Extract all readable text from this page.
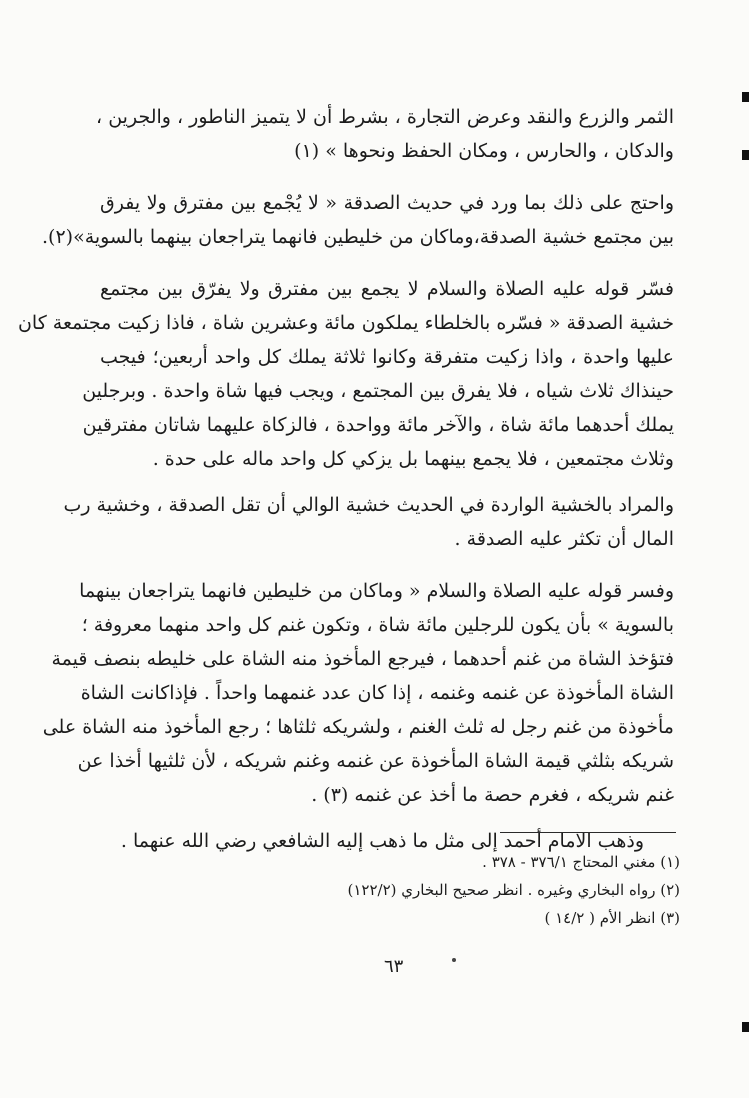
الثمر والزرع والنقد وعرض التجارة ، بشرط أن لا يتميز الناطور ، والجرين ،
والدكان ، والحارس ، ومكان الحفظ ونحوها » (١)
واحتج على ذلك بما ورد في حديث الصدقة « لا يُجْمع بين مفترق ولا يفرق
بين مجتمع خشية الصدقة،وماكان من خليطين فانهما يتراجعان بينهما بالسوية»(٢).
فسّر قوله عليه الصلاة والسلام لا يجمع بين مفترق ولا يفرّق بين مجتمع
خشية الصدقة « فسّره بالخلطاء يملكون مائة وعشرين شاة ، فاذا زكيت مجتمعة كان
عليها واحدة ، واذا زكيت متفرقة وكانوا ثلاثة يملك كل واحد أربعين؛ فيجب
حينذاك ثلاث شياه ، فلا يفرق بين المجتمع ، ويجب فيها شاة واحدة . وبرجلين
يملك أحدهما مائة شاة ، والآخر مائة وواحدة ، فالزكاة عليهما شاتان مفترقين
وثلاث مجتمعين ، فلا يجمع بينهما بل يزكي كل واحد ماله على حدة .
والمراد بالخشية الواردة في الحديث خشية الوالي أن تقل الصدقة ، وخشية رب
المال أن تكثر عليه الصدقة .
وفسر قوله عليه الصلاة والسلام « وماكان من خليطين فانهما يتراجعان بينهما
بالسوية » بأن يكون للرجلين مائة شاة ، وتكون غنم كل واحد منهما معروفة ؛
فتؤخذ الشاة من غنم أحدهما ، فيرجع المأخوذ منه الشاة على خليطه بنصف قيمة
الشاة المأخوذة عن غنمه وغنمه ، إذا كان عدد غنمهما واحداً . فإذاكانت الشاة
مأخوذة من غنم رجل له ثلث الغنم ، ولشريكه ثلثاها ؛ رجع المأخوذ منه الشاة على
شريكه بثلثي قيمة الشاة المأخوذة عن غنمه وغنم شريكه ، لأن ثلثيها أخذا عن
غنم شريكه ، فغرم حصة ما أخذ عن غنمه (٣) .
وذهب الامام أحمد إلى مثل ما ذهب إليه الشافعي رضي الله عنهما .
(١) مغني المحتاج ٣٧٦/١ - ٣٧٨ .
(٢) رواه البخاري وغيره . انظر صحيح البخاري (١٢٢/٢)
(٣) انظر الأم ( ١٤/٢ )
٦٣
